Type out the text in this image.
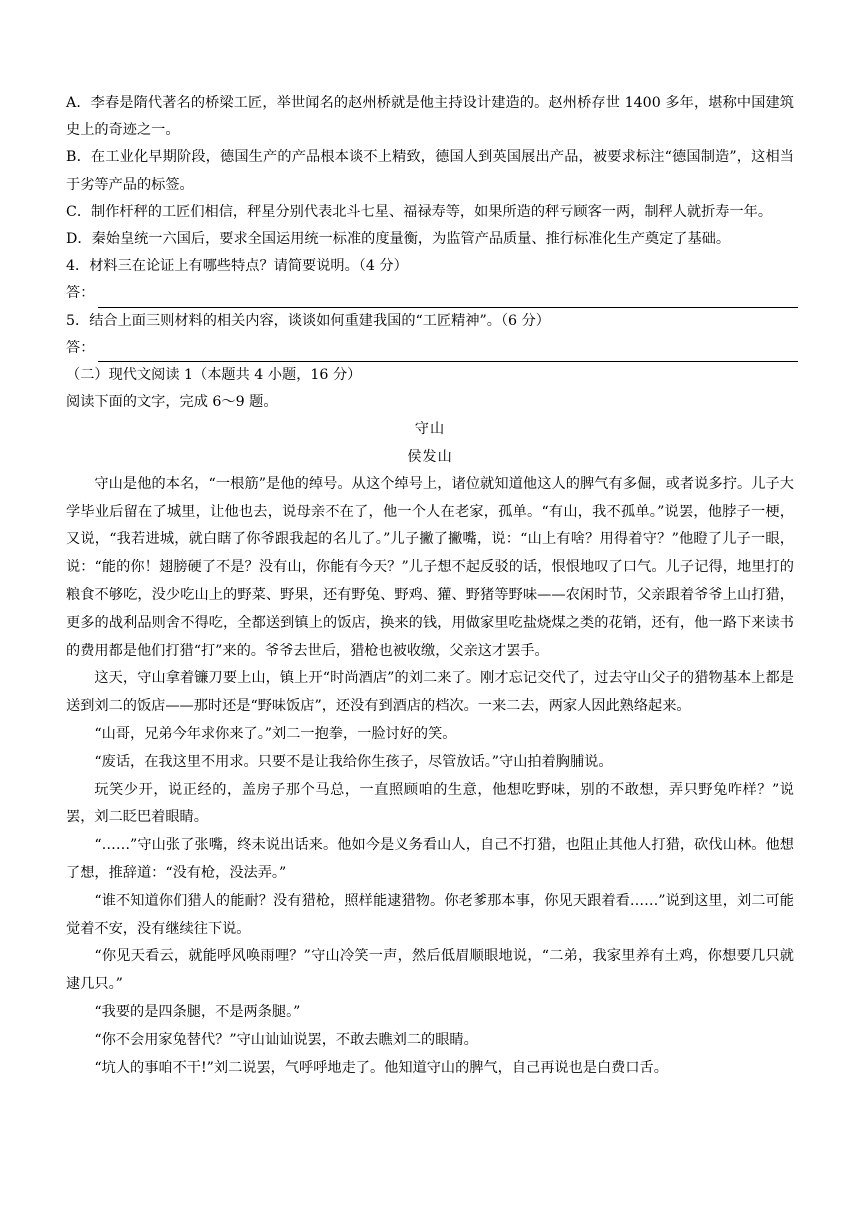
A．李春是隋代著名的桥梁工匠，举世闻名的赵州桥就是他主持设计建造的。赵州桥存世 1400 多年，堪称中国建筑史上的奇迹之一。
B．在工业化早期阶段，德国生产的产品根本谈不上精致，德国人到英国展出产品，被要求标注“德国制造”，这相当于劣等产品的标签。
C．制作杆秤的工匠们相信，秤星分别代表北斗七星、福禄寿等，如果所造的秤亏顾客一两，制秤人就折寿一年。
D．秦始皇统一六国后，要求全国运用统一标准的度量衡，为监管产品质量、推行标准化生产奠定了基础。
4．材料三在论证上有哪些特点？请简要说明。（4 分）
答：
5．结合上面三则材料的相关内容，谈谈如何重建我国的“工匠精神”。（6 分）
答：
（二）现代文阅读 1（本题共 4 小题，16 分）
阅读下面的文字，完成 6～9 题。
守山
侯发山
守山是他的本名，“一根筋”是他的绰号。从这个绰号上，诸位就知道他这人的脾气有多倔，或者说多拧。儿子大学毕业后留在了城里，让他也去，说母亲不在了，他一个人在老家，孤单。“有山，我不孤单。”说罢，他脖子一梗，又说，“我若进城，就白瞎了你爷跟我起的名儿了。”儿子撇了撇嘴，说：“山上有啥？用得着守？”他瞪了儿子一眼，说：“能的你！翅膀硬了不是？没有山，你能有今天？”儿子想不起反驳的话，恨恨地叹了口气。儿子记得，地里打的粮食不够吃，没少吃山上的野菜、野果，还有野兔、野鸡、獾、野猪等野味——农闲时节，父亲跟着爷爷上山打猎，更多的战利品则舍不得吃，全都送到镇上的饭店，换来的钱，用做家里吃盐烧煤之类的花销，还有，他一路下来读书的费用都是他们打猎“打”来的。爷爷去世后，猎枪也被收缴，父亲这才罢手。
这天，守山拿着镰刀要上山，镇上开“时尚酒店”的刘二来了。刚才忘记交代了，过去守山父子的猎物基本上都是送到刘二的饭店——那时还是“野味饭店”，还没有到酒店的档次。一来二去，两家人因此熟络起来。
“山哥，兄弟今年求你来了。”刘二一抱拳，一脸讨好的笑。
“废话，在我这里不用求。只要不是让我给你生孩子，尽管放话。”守山拍着胸脯说。
玩笑少开，说正经的，盖房子那个马总，一直照顾咱的生意，他想吃野味，别的不敢想，弄只野兔咋样？”说罢，刘二眨巴着眼睛。
“……”守山张了张嘴，终未说出话来。他如今是义务看山人，自己不打猎，也阻止其他人打猎，砍伐山林。他想了想，推辞道：“没有枪，没法弄。”
“谁不知道你们猎人的能耐？没有猎枪，照样能逮猎物。你老爹那本事，你见天跟着看……”说到这里，刘二可能觉着不安，没有继续往下说。
“你见天看云，就能呼风唤雨哩？”守山冷笑一声，然后低眉顺眼地说，“二弟，我家里养有土鸡，你想要几只就逮几只。”
“我要的是四条腿，不是两条腿。”
“你不会用家兔替代？”守山讪讪说罢，不敢去瞧刘二的眼睛。
“坑人的事咱不干!”刘二说罢，气呼呼地走了。他知道守山的脾气，自己再说也是白费口舌。
